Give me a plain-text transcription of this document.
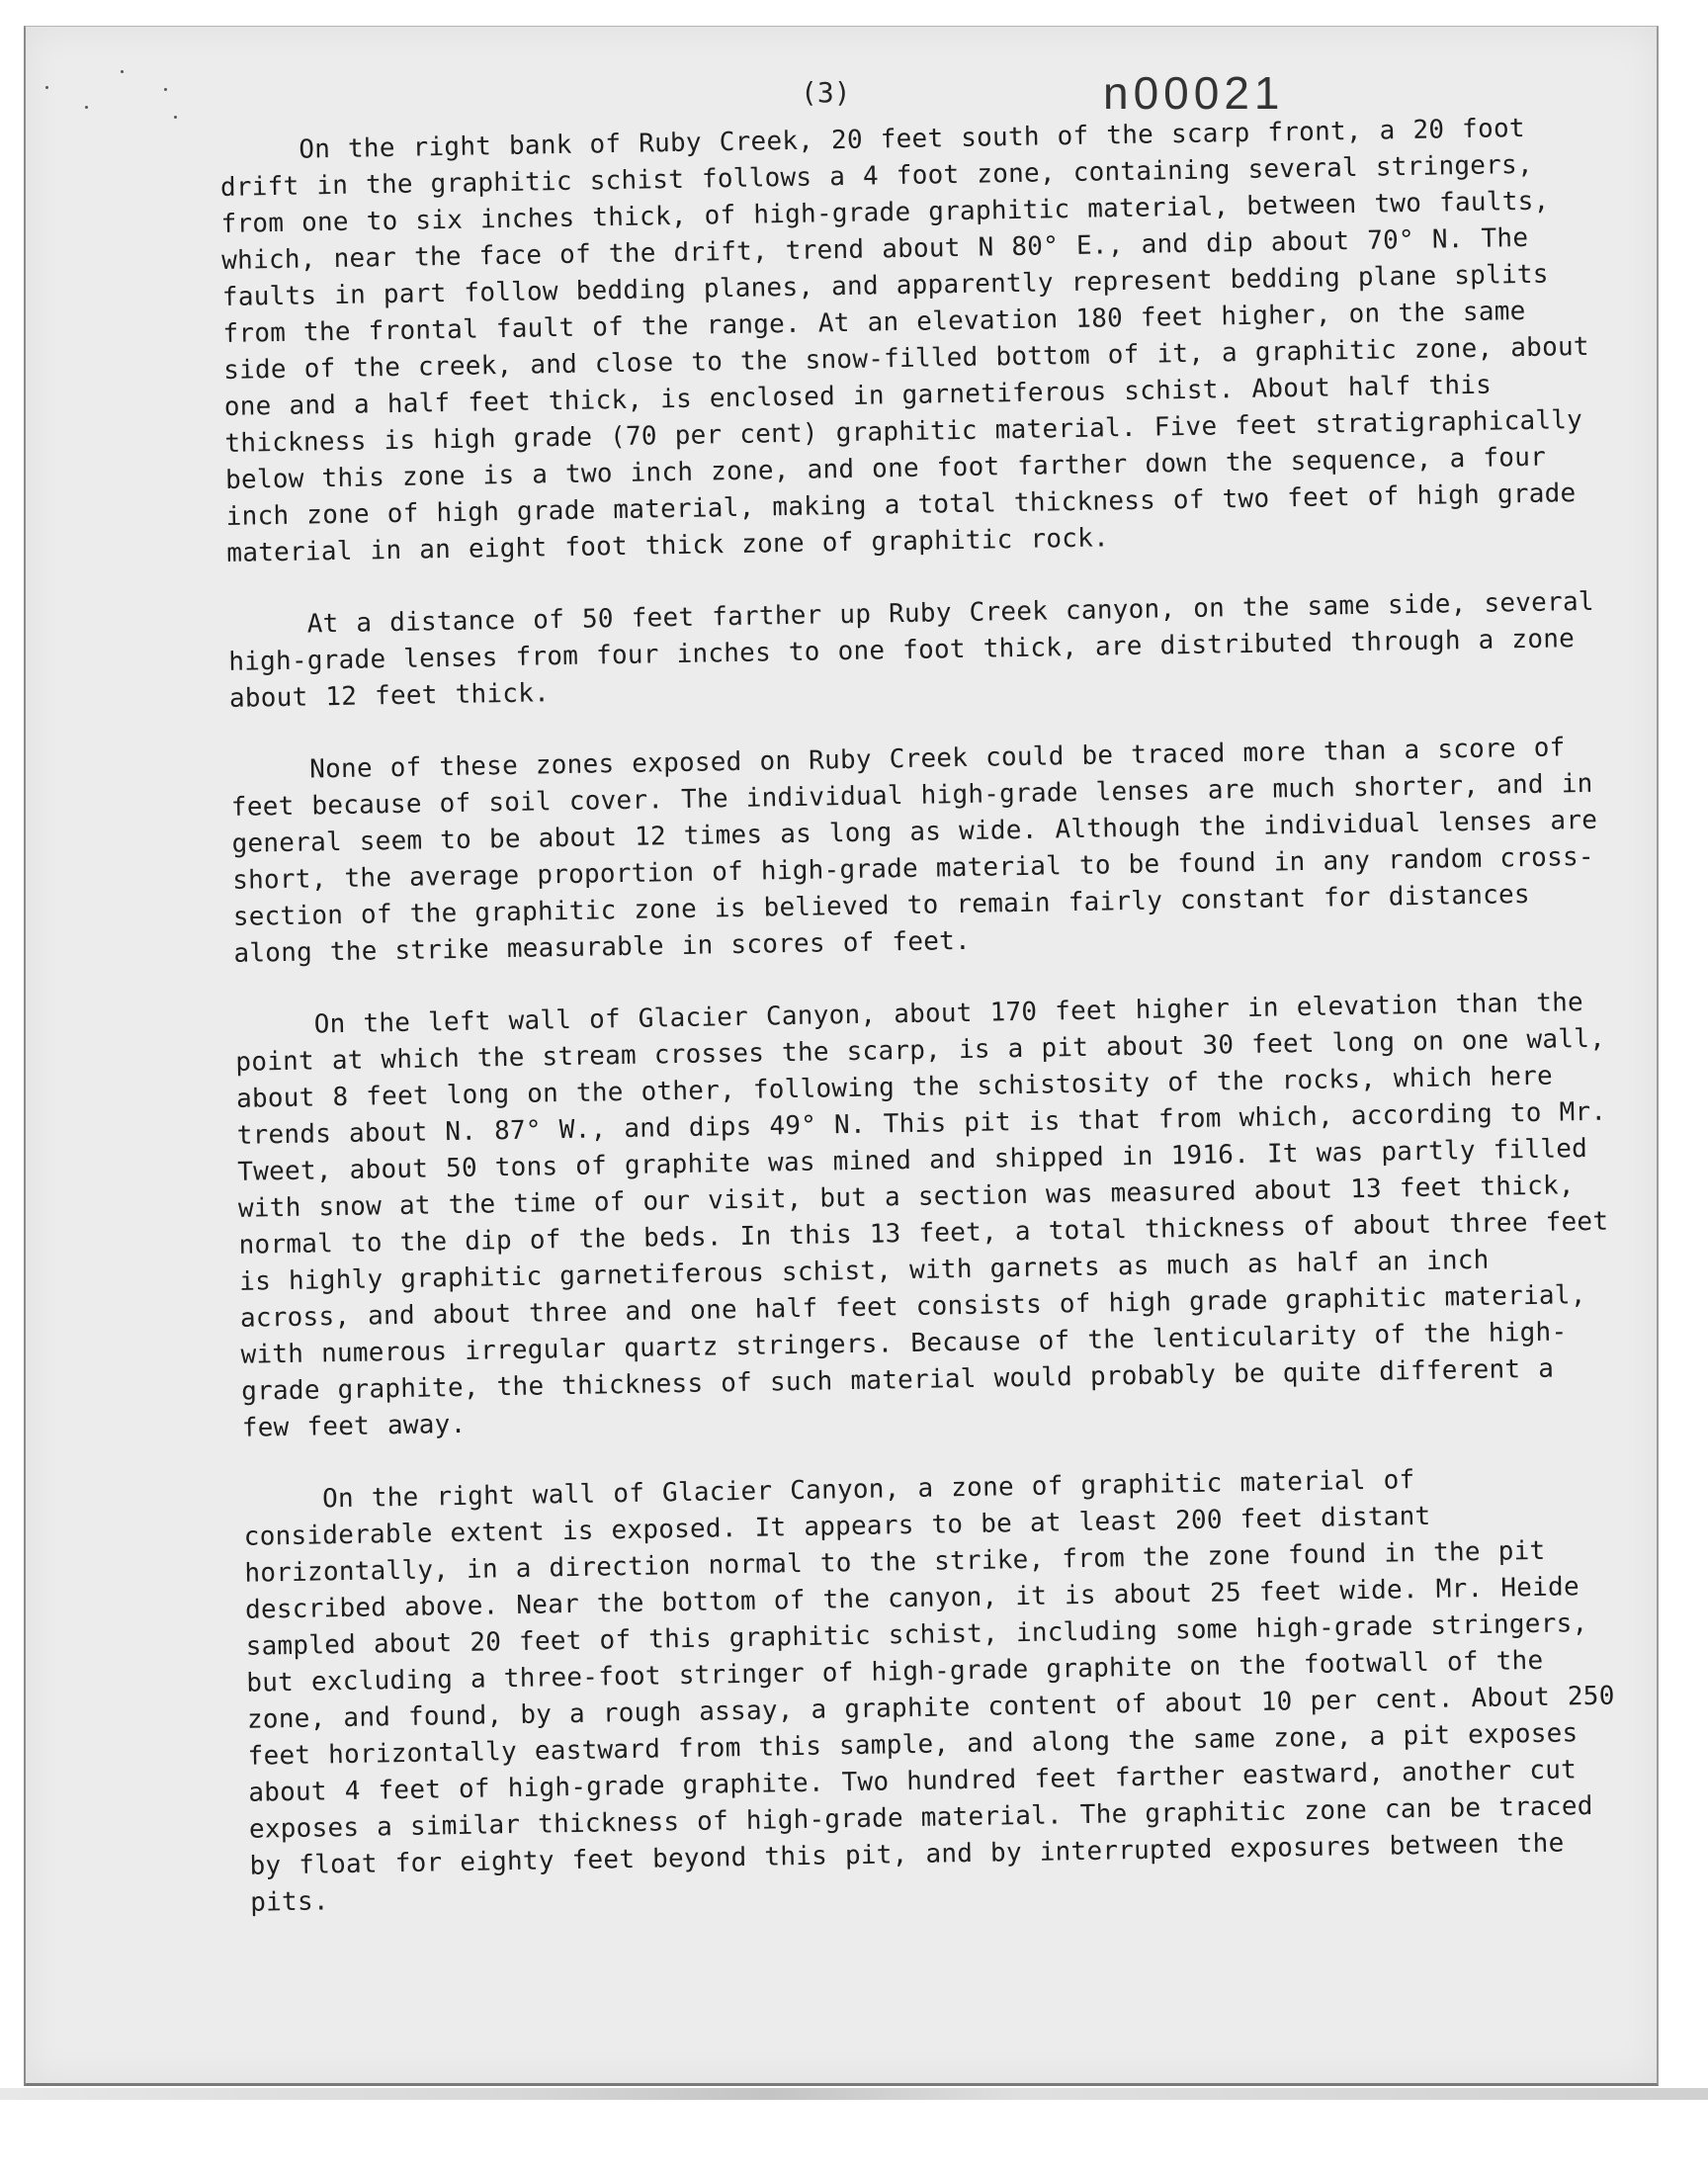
(3)	n00021

On the right bank of Ruby Creek, 20 feet south of the scarp front, a 20 foot drift in the graphitic schist follows a 4 foot zone, containing several stringers, from one to six inches thick, of high-grade graphitic material, between two faults, which, near the face of the drift, trend about N 80° E., and dip about 70° N. The faults in part follow bedding planes, and apparently represent bedding plane splits from the frontal fault of the range. At an elevation 180 feet higher, on the same side of the creek, and close to the snow-filled bottom of it, a graphitic zone, about one and a half feet thick, is enclosed in garnetiferous schist. About half this thickness is high grade (70 per cent) graphitic material. Five feet stratigraphically below this zone is a two inch zone, and one foot farther down the sequence, a four inch zone of high grade material, making a total thickness of two feet of high grade material in an eight foot thick zone of graphitic rock.

At a distance of 50 feet farther up Ruby Creek canyon, on the same side, several high-grade lenses from four inches to one foot thick, are distributed through a zone about 12 feet thick.

None of these zones exposed on Ruby Creek could be traced more than a score of feet because of soil cover. The individual high-grade lenses are much shorter, and in general seem to be about 12 times as long as wide. Although the individual lenses are short, the average proportion of high-grade material to be found in any random cross-section of the graphitic zone is believed to remain fairly constant for distances along the strike measurable in scores of feet.

On the left wall of Glacier Canyon, about 170 feet higher in elevation than the point at which the stream crosses the scarp, is a pit about 30 feet long on one wall, about 8 feet long on the other, following the schistosity of the rocks, which here trends about N. 87° W., and dips 49° N. This pit is that from which, according to Mr. Tweet, about 50 tons of graphite was mined and shipped in 1916. It was partly filled with snow at the time of our visit, but a section was measured about 13 feet thick, normal to the dip of the beds. In this 13 feet, a total thickness of about three feet is highly graphitic garnetiferous schist, with garnets as much as half an inch across, and about three and one half feet consists of high grade graphitic material, with numerous irregular quartz stringers. Because of the lenticularity of the high-grade graphite, the thickness of such material would probably be quite different a few feet away.

On the right wall of Glacier Canyon, a zone of graphitic material of considerable extent is exposed. It appears to be at least 200 feet distant horizontally, in a direction normal to the strike, from the zone found in the pit described above. Near the bottom of the canyon, it is about 25 feet wide. Mr. Heide sampled about 20 feet of this graphitic schist, including some high-grade stringers, but excluding a three-foot stringer of high-grade graphite on the footwall of the zone, and found, by a rough assay, a graphite content of about 10 per cent. About 250 feet horizontally eastward from this sample, and along the same zone, a pit exposes about 4 feet of high-grade graphite. Two hundred feet farther eastward, another cut exposes a similar thickness of high-grade material. The graphitic zone can be traced by float for eighty feet beyond this pit, and by interrupted exposures between the pits.
